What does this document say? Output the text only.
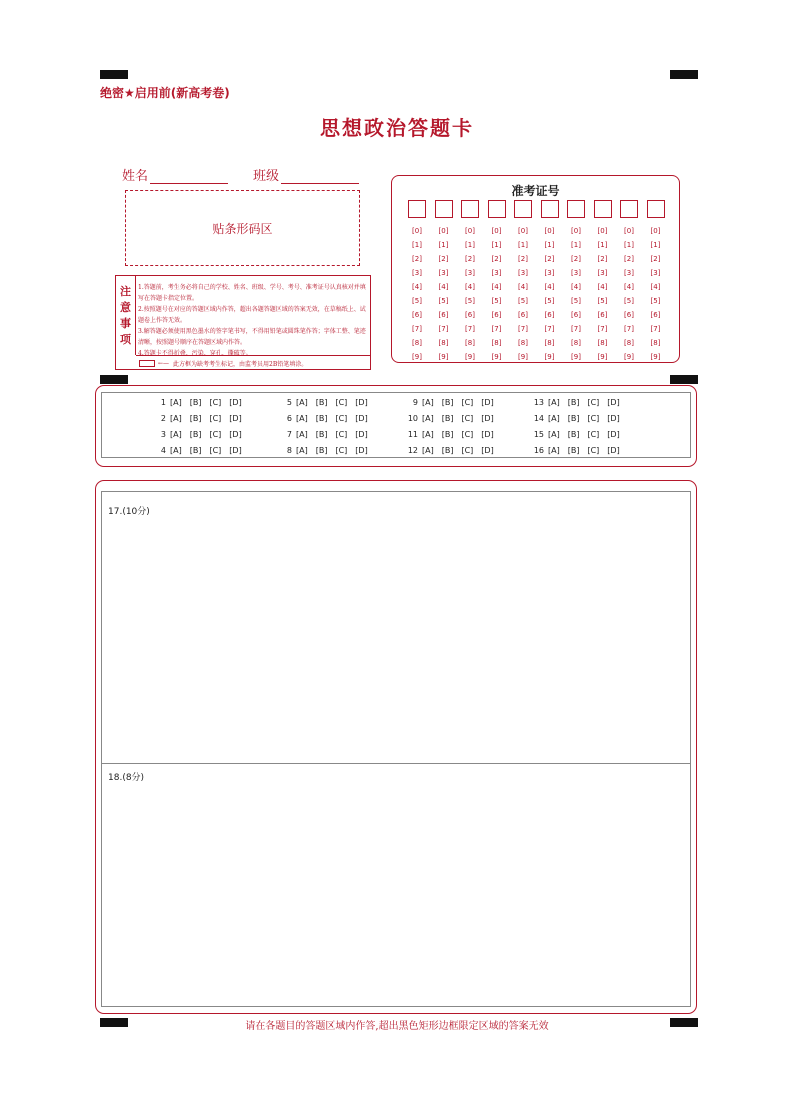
绝密★启用前(新高考卷)
思想政治答题卡
姓名	班级
贴条形码区
注
意
事
项
1.答题前，考生务必将自己的学校、姓名、班级、学号、考号、准考证号认真核对并填写在答题卡指定位置。
2.按照题号在对应的答题区域内作答，超出各题答题区域的答案无效，在草稿纸上、试题卷上作答无效。
3.解答题必须使用黑色墨水的签字笔书写，不得用铅笔或圆珠笔作答；字体工整、笔迹清晰，按照题号顺序在答题区域内作答。
4.答题卡不得折叠、污染、穿孔、撕破等。
←— 此方框为缺考考生标记，由监考员用2B铅笔填涂。
准考证号
[0]
[1]
[2]
[3]
[4]
[5]
[6]
[7]
[8]
[9]
[0]
[1]
[2]
[3]
[4]
[5]
[6]
[7]
[8]
[9]
[0]
[1]
[2]
[3]
[4]
[5]
[6]
[7]
[8]
[9]
[0]
[1]
[2]
[3]
[4]
[5]
[6]
[7]
[8]
[9]
[0]
[1]
[2]
[3]
[4]
[5]
[6]
[7]
[8]
[9]
[0]
[1]
[2]
[3]
[4]
[5]
[6]
[7]
[8]
[9]
[0]
[1]
[2]
[3]
[4]
[5]
[6]
[7]
[8]
[9]
[0]
[1]
[2]
[3]
[4]
[5]
[6]
[7]
[8]
[9]
[0]
[1]
[2]
[3]
[4]
[5]
[6]
[7]
[8]
[9]
[0]
[1]
[2]
[3]
[4]
[5]
[6]
[7]
[8]
[9]
1 [A] [B] [C] [D]
2 [A] [B] [C] [D]
3 [A] [B] [C] [D]
4 [A] [B] [C] [D]
5 [A] [B] [C] [D]
6 [A] [B] [C] [D]
7 [A] [B] [C] [D]
8 [A] [B] [C] [D]
9 [A] [B] [C] [D]
10 [A] [B] [C] [D]
11 [A] [B] [C] [D]
12 [A] [B] [C] [D]
13 [A] [B] [C] [D]
14 [A] [B] [C] [D]
15 [A] [B] [C] [D]
16 [A] [B] [C] [D]
17.(10分)
18.(8分)
请在各题目的答题区域内作答,超出黑色矩形边框限定区域的答案无效
